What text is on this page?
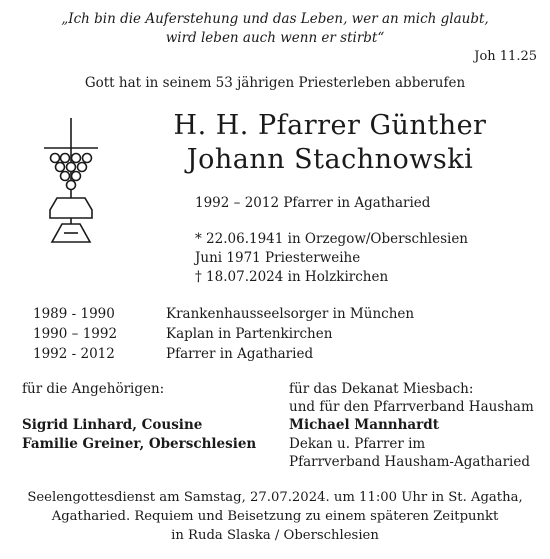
„Ich bin die Auferstehung und das Leben, wer an mich glaubt,
wird leben auch wenn er stirbt“
Joh 11.25
Gott hat in seinem 53 jährigen Priesterleben abberufen
H. H. Pfarrer Günther
Johann Stachnowski
1992 – 2012 Pfarrer in Agatharied
* 22.06.1941 in Orzegow/Oberschlesien
Juni 1971 Priesterweihe
† 18.07.2024 in Holzkirchen
1989 - 1990	Krankenhausseelsorger in München
1990 – 1992	Kaplan in Partenkirchen
1992 - 2012	Pfarrer in Agatharied
für die Angehörigen:
Sigrid Linhard, Cousine
Familie Greiner, Oberschlesien
für das Dekanat Miesbach:
und für den Pfarrverband Hausham
Michael Mannhardt
Dekan u. Pfarrer im
Pfarrverband Hausham-Agatharied
Seelengottesdienst am Samstag, 27.07.2024. um 11:00 Uhr in St. Agatha,
Agatharied. Requiem und Beisetzung zu einem späteren Zeitpunkt
in Ruda Slaska / Oberschlesien
